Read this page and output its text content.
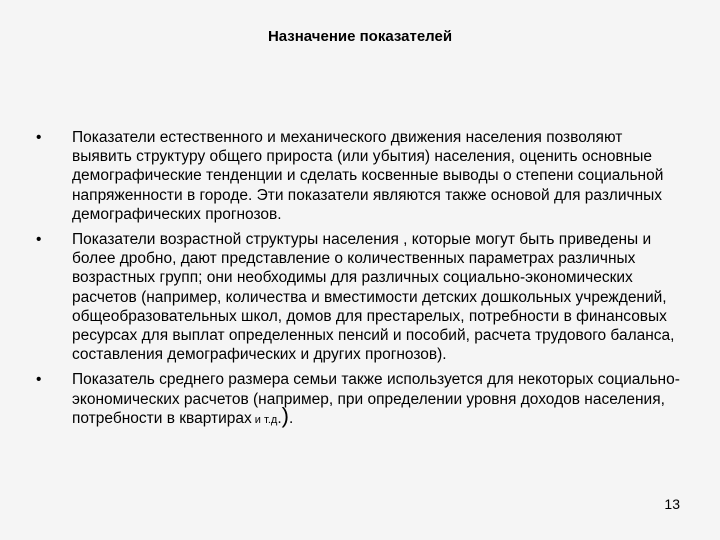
Назначение показателей
• Показатели естественного и механического движения населения позволяют выявить структуру общего прироста (или убытия) населения, оценить основные демографические тенденции и сделать косвенные выводы о степени социальной напряженности в городе. Эти показатели являются также основой для различных демографических прогнозов.
• Показатели возрастной структуры населения , которые могут быть приведены и более дробно, дают представление о количественных параметрах различных возрастных групп; они необходимы для различных социально-экономических расчетов (например, количества и вместимости детских дошкольных учреждений, общеобразовательных школ, домов для престарелых, потребности в финансовых ресурсах для выплат определенных пенсий и пособий, расчета трудового баланса, составления демографических и других прогнозов).
• Показатель среднего размера семьи также используется для некоторых социально-экономических расчетов (например, при определении уровня доходов населения, потребности в квартирах и т.д.).
13
